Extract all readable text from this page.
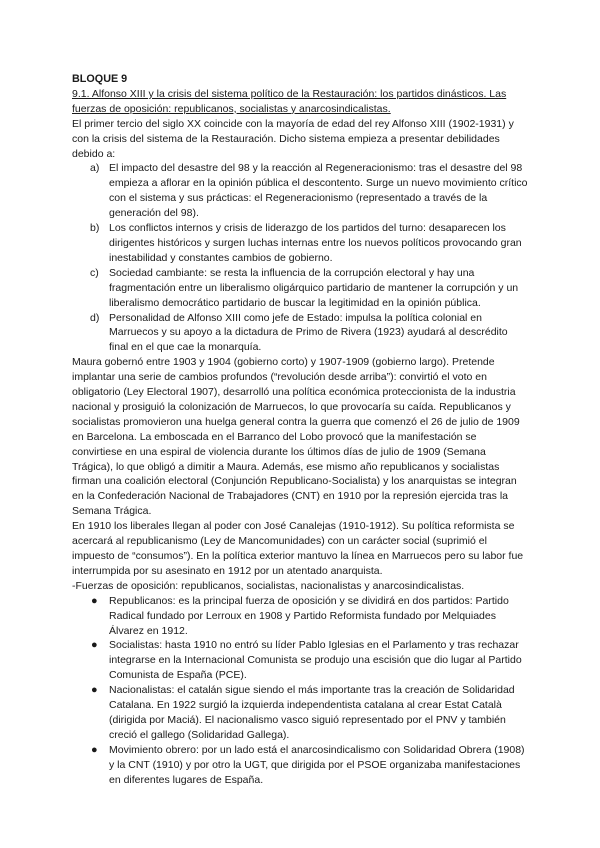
BLOQUE 9
9.1. Alfonso XIII y la crisis del sistema político de la Restauración: los partidos dinásticos. Las fuerzas de oposición: republicanos, socialistas y anarcosindicalistas.

El primer tercio del siglo XX coincide con la mayoría de edad del rey Alfonso XIII (1902-1931) y con la crisis del sistema de la Restauración. Dicho sistema empieza a presentar debilidades debido a:

a) El impacto del desastre del 98 y la reacción al Regeneracionismo: tras el desastre del 98 empieza a aflorar en la opinión pública el descontento. Surge un nuevo movimiento crítico con el sistema y sus prácticas: el Regeneracionismo (representado a través de la generación del 98).
b) Los conflictos internos y crisis de liderazgo de los partidos del turno: desaparecen los dirigentes históricos y surgen luchas internas entre los nuevos políticos provocando gran inestabilidad y constantes cambios de gobierno.
c) Sociedad cambiante: se resta la influencia de la corrupción electoral y hay una fragmentación entre un liberalismo oligárquico partidario de mantener la corrupción y un liberalismo democrático partidario de buscar la legitimidad en la opinión pública.
d) Personalidad de Alfonso XIII como jefe de Estado: impulsa la política colonial en Marruecos y su apoyo a la dictadura de Primo de Rivera (1923) ayudará al descrédito final en el que cae la monarquía.

Maura gobernó entre 1903 y 1904 (gobierno corto) y 1907-1909 (gobierno largo). Pretende implantar una serie de cambios profundos (“revolución desde arriba”): convirtió el voto en obligatorio (Ley Electoral 1907), desarrolló una política económica proteccionista de la industria nacional y prosiguió la colonización de Marruecos, lo que provocaría su caída. Republicanos y socialistas promovieron una huelga general contra la guerra que comenzó el 26 de julio de 1909 en Barcelona. La emboscada en el Barranco del Lobo provocó que la manifestación se convirtiese en una espiral de violencia durante los últimos días de julio de 1909 (Semana Trágica), lo que obligó a dimitir a Maura. Además, ese mismo año republicanos y socialistas firman una coalición electoral (Conjunción Republicano-Socialista) y los anarquistas se integran en la Confederación Nacional de Trabajadores (CNT) en 1910 por la represión ejercida tras la Semana Trágica.

En 1910 los liberales llegan al poder con José Canalejas (1910-1912). Su política reformista se acercará al republicanismo (Ley de Mancomunidades) con un carácter social (suprimió el impuesto de “consumos”). En la política exterior mantuvo la línea en Marruecos pero su labor fue interrumpida por su asesinato en 1912 por un atentado anarquista.

-Fuerzas de oposición: republicanos, socialistas, nacionalistas y anarcosindicalistas.

● Republicanos: es la principal fuerza de oposición y se dividirá en dos partidos: Partido Radical fundado por Lerroux en 1908 y Partido Reformista fundado por Melquiades Álvarez en 1912.
● Socialistas: hasta 1910 no entró su líder Pablo Iglesias en el Parlamento y tras rechazar integrarse en la Internacional Comunista se produjo una escisión que dio lugar al Partido Comunista de España (PCE).
● Nacionalistas: el catalán sigue siendo el más importante tras la creación de Solidaridad Catalana. En 1922 surgió la izquierda independentista catalana al crear Estat Català (dirigida por Maciá). El nacionalismo vasco siguió representado por el PNV y también creció el gallego (Solidaridad Gallega).
● Movimiento obrero: por un lado está el anarcosindicalismo con Solidaridad Obrera (1908) y la CNT (1910) y por otro la UGT, que dirigida por el PSOE organizaba manifestaciones en diferentes lugares de España.
